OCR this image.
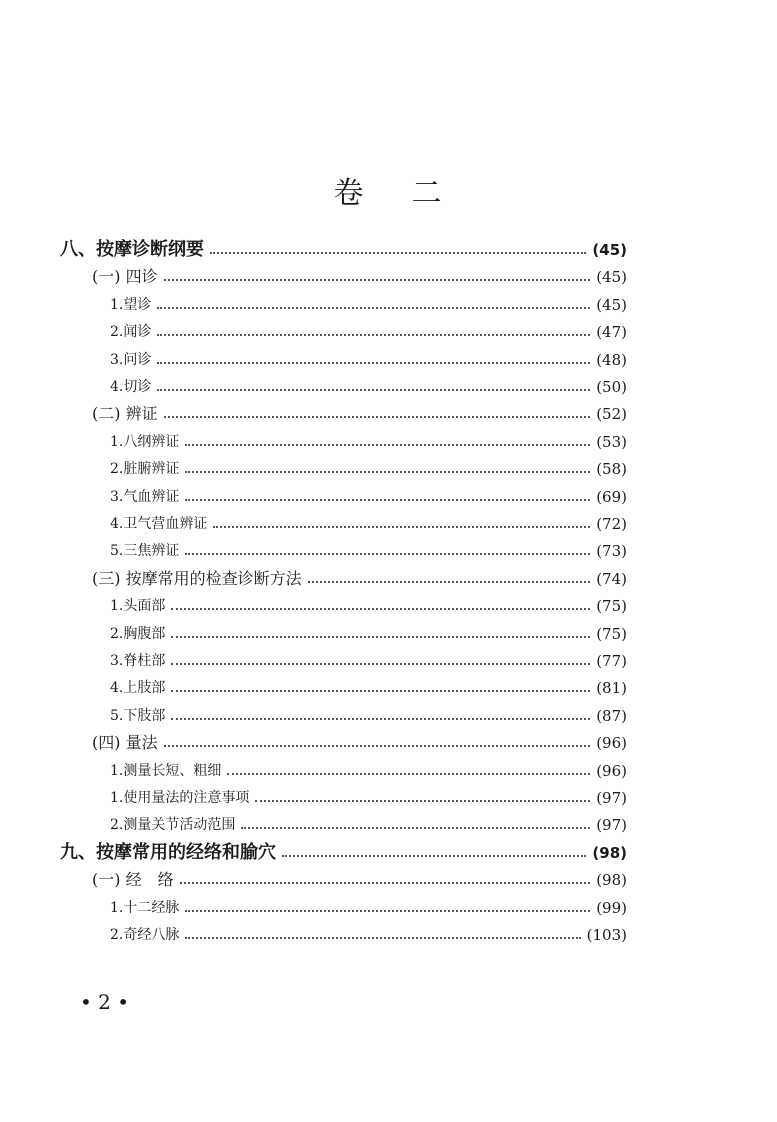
卷 二
八、按摩诊断纲要	(45)
(一) 四诊	(45)
1.望诊	(45)
2.闻诊	(47)
3.问诊	(48)
4.切诊	(50)
(二) 辨证	(52)
1.八纲辨证	(53)
2.脏腑辨证	(58)
3.气血辨证	(69)
4.卫气营血辨证	(72)
5.三焦辨证	(73)
(三) 按摩常用的检查诊断方法	(74)
1.头面部	(75)
2.胸腹部	(75)
3.脊柱部	(77)
4.上肢部	(81)
5.下肢部	(87)
(四) 量法	(96)
1.测量长短、粗细	(96)
1.使用量法的注意事项	(97)
2.测量关节活动范围	(97)
九、按摩常用的经络和腧穴	(98)
(一) 经　络	(98)
1.十二经脉	(99)
2.奇经八脉	(103)
• 2 •
